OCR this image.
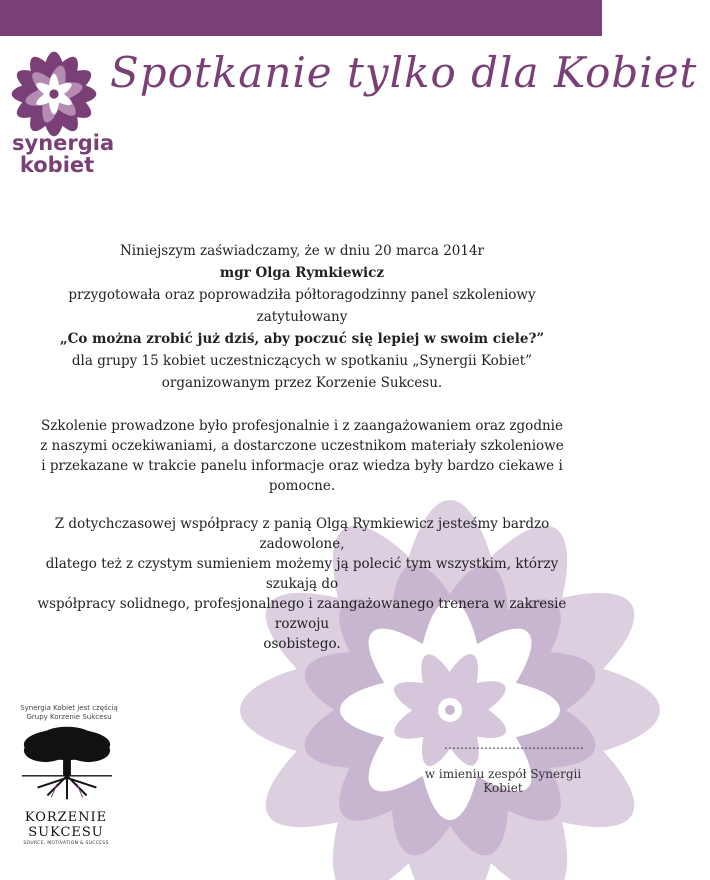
synergia
kobiet
Spotkanie tylko dla Kobiet
Niniejszym zaświadczamy, że w dniu 20 marca 2014r
mgr Olga Rymkiewicz
przygotowała oraz poprowadziła półtoragodzinny panel szkoleniowy zatytułowany
„Co można zrobić już dziś, aby poczuć się lepiej w swoim ciele?”
dla grupy 15 kobiet uczestniczących w spotkaniu „Synergii Kobiet”
organizowanym przez Korzenie Sukcesu.
Szkolenie prowadzone było profesjonalnie i z zaangażowaniem oraz zgodnie
z naszymi oczekiwaniami, a dostarczone uczestnikom materiały szkoleniowe
i przekazane w trakcie panelu informacje oraz wiedza były bardzo ciekawe i pomocne.
Z dotychczasowej współpracy z panią Olgą Rymkiewicz jesteśmy bardzo zadowolone,
dlatego też z czystym sumieniem możemy ją polecić tym wszystkim, którzy szukają do
współpracy solidnego, profesjonalnego i zaangażowanego trenera w zakresie rozwoju
osobistego.
……………………………..
w imieniu zespół Synergii Kobiet
Synergia Kobiet jest częścią
Grupy Korzenie Sukcesu
KORZENIE
SUKCESU
SOURCE, MOTIVATION & SUCCESS
